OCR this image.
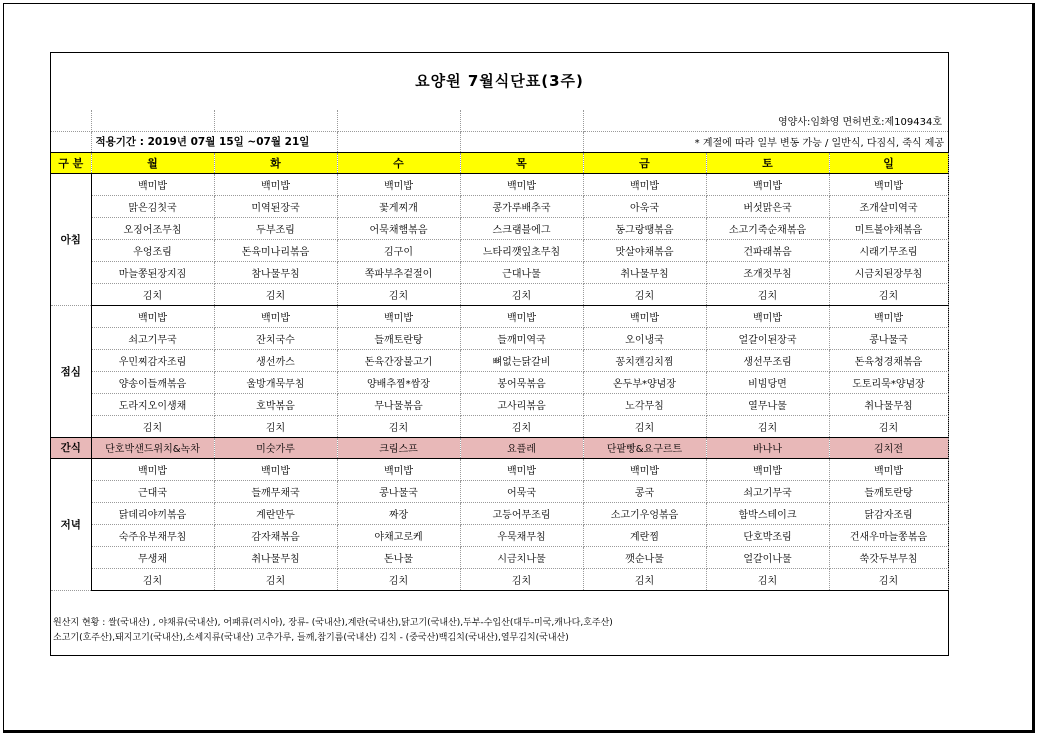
요양원 7월식단표(3주)
					영양사:임화영 면허번호:제109434호		
	적용기간 : 2019년 07월 15일 ~07월 21일				* 계절에 따라 일부 변동 가능 / 일반식, 다짐식, 죽식 제공		
구 분	월	화	수	목	금	토	일
아침	백미밥	백미밥	백미밥	백미밥	백미밥	백미밥	백미밥
	맑은김칫국	미역된장국	꽃게찌개	콩가루배추국	아욱국	버섯맑은국	조개살미역국
	오징어조무침	두부조림	어묵채햄볶음	스크램블에그	동그랑땡볶음	소고기죽순채볶음	미트볼야채볶음
	우엉조림	돈육미나리볶음	김구이	느타리깻잎초무침	맛살야채볶음	건파래볶음	시래기무조림
	마늘쫑된장지짐	참나물무침	쪽파부추겉절이	근대나물	취나물무침	조개젓무침	시금치된장무침
	김치	김치	김치	김치	김치	김치	김치
점심	백미밥	백미밥	백미밥	백미밥	백미밥	백미밥	백미밥
	쇠고기무국	잔치국수	들깨토란탕	들깨미역국	오이냉국	얼갈이된장국	콩나물국
	우민찌감자조림	생선까스	돈육간장불고기	뼈없는닭갈비	꽁치캔김치찜	생선무조림	돈육청경채볶음
	양송이들깨볶음	울방개묵무침	양배추찜*쌈장	봉어묵볶음	온두부*양념장	비빔당면	도토리묵*양념장
	도라지오이생채	호박볶음	무나물볶음	고사리볶음	노각무침	열무나물	취나물무침
	김치	김치	김치	김치	김치	김치	김치
간식	단호박샌드위치&녹차	미숫가루	크림스프	요플레	단팥빵&요구르트	바나나	김치전
저녁	백미밥	백미밥	백미밥	백미밥	백미밥	백미밥	백미밥
	근대국	들깨무채국	콩나물국	어묵국	콩국	쇠고기무국	들깨토란탕
	닭데리야끼볶음	계란만두	짜장	고등어무조림	소고기우엉볶음	함박스테이크	닭감자조림
	숙주유부채무침	감자채볶음	야채고로케	우묵채무침	계란찜	단호박조림	건새우마늘쫑볶음
	무생채	취나물무침	돈나물	시금치나물	깻순나물	얼갈이나물	쑥갓두부무침
	김치	김치	김치	김치	김치	김치	김치
원산지 현황 : 쌀(국내산) , 야채류(국내산), 어패류(러시아), 장류- (국내산),계란(국내산),닭고기(국내산),두부-수입산(대두-미국,캐나다,호주산)
소고기(호주산),돼지고기(국내산),소세지류(국내산) 고추가루, 들깨,참기름(국내산) 김치 - (중국산)백김치(국내산),열무김치(국내산)
